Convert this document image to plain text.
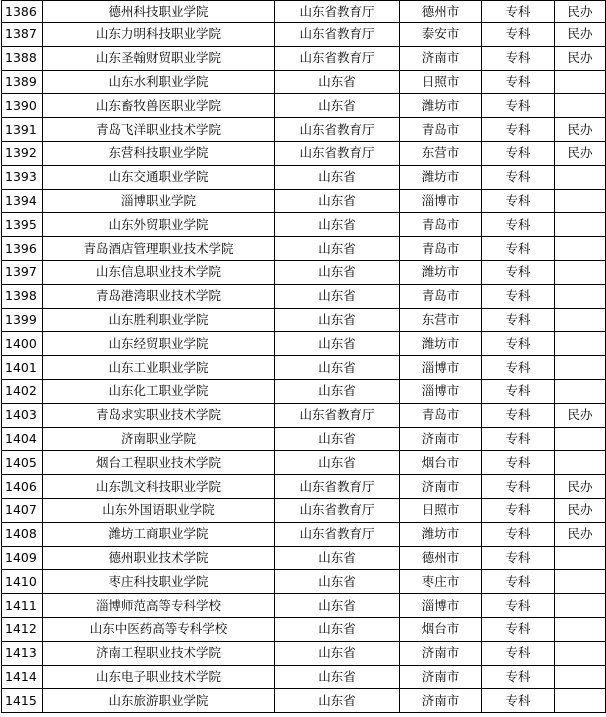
1386	德州科技职业学院	山东省教育厅	德州市	专科	民办
1387	山东力明科技职业学院	山东省教育厅	泰安市	专科	民办
1388	山东圣翰财贸职业学院	山东省教育厅	济南市	专科	民办
1389	山东水利职业学院	山东省	日照市	专科	
1390	山东畜牧兽医职业学院	山东省	潍坊市	专科	
1391	青岛飞洋职业技术学院	山东省教育厅	青岛市	专科	民办
1392	东营科技职业学院	山东省教育厅	东营市	专科	民办
1393	山东交通职业学院	山东省	潍坊市	专科	
1394	淄博职业学院	山东省	淄博市	专科	
1395	山东外贸职业学院	山东省	青岛市	专科	
1396	青岛酒店管理职业技术学院	山东省	青岛市	专科	
1397	山东信息职业技术学院	山东省	潍坊市	专科	
1398	青岛港湾职业技术学院	山东省	青岛市	专科	
1399	山东胜利职业学院	山东省	东营市	专科	
1400	山东经贸职业学院	山东省	潍坊市	专科	
1401	山东工业职业学院	山东省	淄博市	专科	
1402	山东化工职业学院	山东省	淄博市	专科	
1403	青岛求实职业技术学院	山东省教育厅	青岛市	专科	民办
1404	济南职业学院	山东省	济南市	专科	
1405	烟台工程职业技术学院	山东省	烟台市	专科	
1406	山东凯文科技职业学院	山东省教育厅	济南市	专科	民办
1407	山东外国语职业学院	山东省教育厅	日照市	专科	民办
1408	潍坊工商职业学院	山东省教育厅	潍坊市	专科	民办
1409	德州职业技术学院	山东省	德州市	专科	
1410	枣庄科技职业学院	山东省	枣庄市	专科	
1411	淄博师范高等专科学校	山东省	淄博市	专科	
1412	山东中医药高等专科学校	山东省	烟台市	专科	
1413	济南工程职业技术学院	山东省	济南市	专科	
1414	山东电子职业技术学院	山东省	济南市	专科	
1415	山东旅游职业学院	山东省	济南市	专科	
